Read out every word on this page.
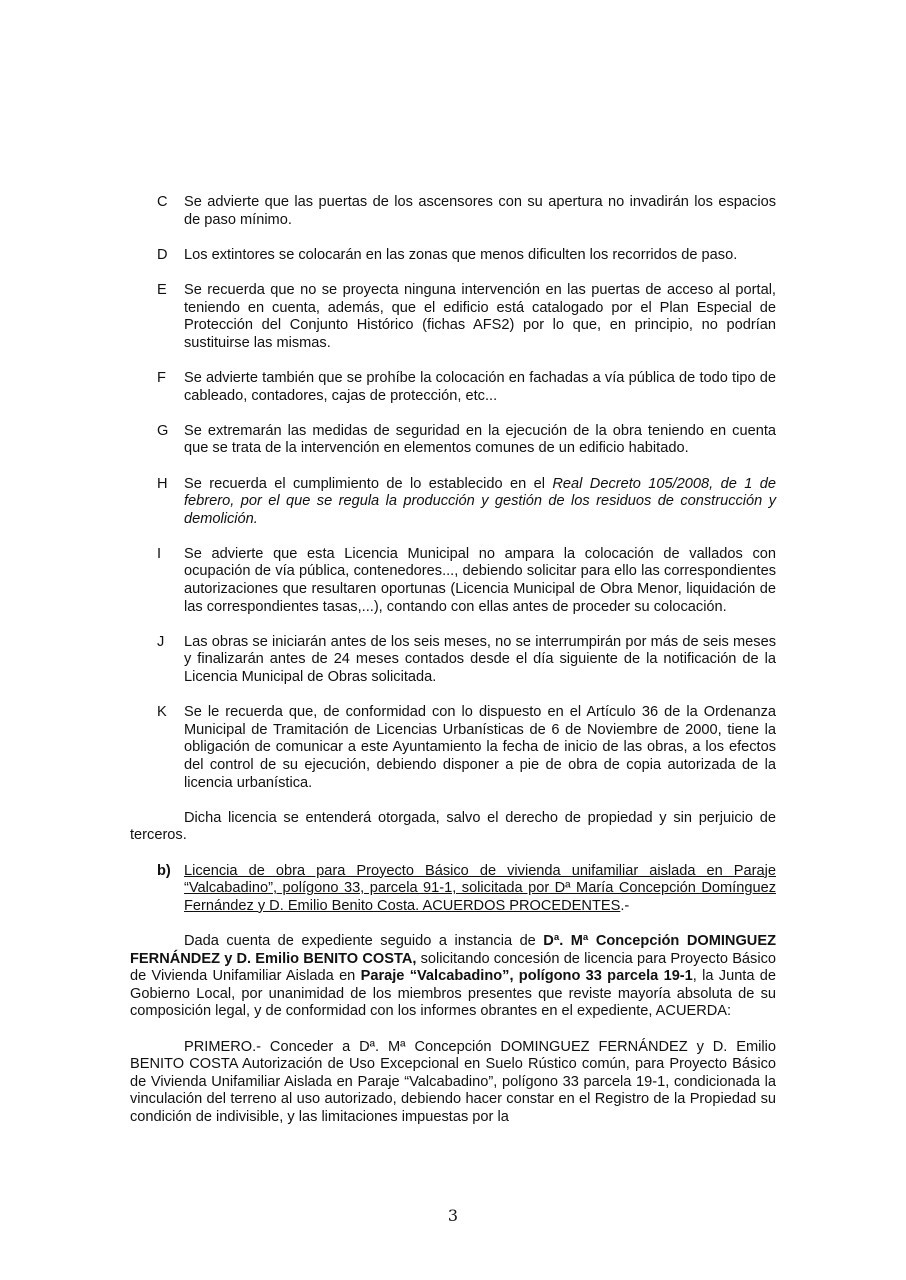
C	Se advierte que las puertas de los ascensores con su apertura no invadirán los espacios de paso mínimo.
D	Los extintores se colocarán en las zonas que menos dificulten los recorridos de paso.
E	Se recuerda que no se proyecta ninguna intervención en las puertas de acceso al portal, teniendo en cuenta, además, que el edificio está catalogado por el Plan Especial de Protección del Conjunto Histórico (fichas AFS2) por lo que, en principio, no podrían sustituirse las mismas.
F	Se advierte también que se prohíbe la colocación en fachadas a vía pública de todo tipo de cableado, contadores, cajas de protección, etc...
G	Se extremarán las medidas de seguridad en la ejecución de la obra teniendo en cuenta que se trata de la intervención en elementos comunes de un edificio habitado.
H	Se recuerda el cumplimiento de lo establecido en el Real Decreto 105/2008, de 1 de febrero, por el que se regula la producción y gestión de los residuos de construcción y demolición.
I	Se advierte que esta Licencia Municipal no ampara la colocación de vallados con ocupación de vía pública, contenedores..., debiendo solicitar para ello las correspondientes autorizaciones que resultaren oportunas (Licencia Municipal de Obra Menor, liquidación de las correspondientes tasas,...), contando con ellas antes de proceder su colocación.
J	Las obras se iniciarán antes de los seis meses, no se interrumpirán por más de seis meses y finalizarán antes de 24 meses contados desde el día siguiente de la notificación de la Licencia Municipal de Obras solicitada.
K	Se le recuerda que, de conformidad con lo dispuesto en el Artículo 36 de la Ordenanza Municipal de Tramitación de Licencias Urbanísticas de 6 de Noviembre de 2000, tiene la obligación de comunicar a este Ayuntamiento la fecha de inicio de las obras, a los efectos del control de su ejecución, debiendo disponer a pie de obra de copia autorizada de la licencia urbanística.
Dicha licencia se entenderá otorgada, salvo el derecho de propiedad y sin perjuicio de terceros.
b) Licencia de obra para Proyecto Básico de vivienda unifamiliar aislada en Paraje “Valcabadino”, polígono 33, parcela 91-1, solicitada por Dª María Concepción Domínguez Fernández y D. Emilio Benito Costa. ACUERDOS PROCEDENTES.-
Dada cuenta de expediente seguido a instancia de Dª. Mª Concepción DOMINGUEZ FERNÁNDEZ y D. Emilio BENITO COSTA, solicitando concesión de licencia para Proyecto Básico de Vivienda Unifamiliar Aislada en Paraje “Valcabadino”, polígono 33 parcela 19-1, la Junta de Gobierno Local, por unanimidad de los miembros presentes que reviste mayoría absoluta de su composición legal, y de conformidad con los informes obrantes en el expediente, ACUERDA:
PRIMERO.- Conceder a Dª. Mª Concepción DOMINGUEZ FERNÁNDEZ y D. Emilio BENITO COSTA Autorización de Uso Excepcional en Suelo Rústico común, para Proyecto Básico de Vivienda Unifamiliar Aislada en Paraje “Valcabadino”, polígono 33 parcela 19-1, condicionada la vinculación del terreno al uso autorizado, debiendo hacer constar en el Registro de la Propiedad su condición de indivisible, y las limitaciones impuestas por la
3
